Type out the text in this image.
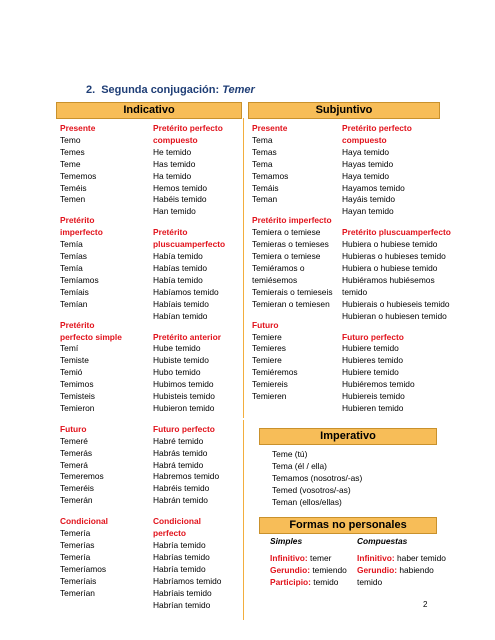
2. Segunda conjugación: Temer
Indicativo	Subjuntivo
Presente
Temo
Temes
Teme
Tememos
Teméis
Temen
Pretérito
imperfecto
Temía
Temías
Temía
Temíamos
Temíais
Temían
Pretérito
perfecto simple
Temí
Temiste
Temió
Temimos
Temisteis
Temieron
Futuro
Temeré
Temerás
Temerá
Temeremos
Temeréis
Temerán
Condicional
Temería
Temerías
Temería
Temeríamos
Temeríais
Temerían
Pretérito perfecto
compuesto
He temido
Has temido
Ha temido
Hemos temido
Habéis temido
Han temido
Pretérito
pluscuamperfecto
Había temido
Habías temido
Había temido
Habíamos temido
Habíais temido
Habían temido
Pretérito anterior
Hube temido
Hubiste temido
Hubo temido
Hubimos temido
Hubisteis temido
Hubieron temido
Futuro perfecto
Habré temido
Habrás temido
Habrá temido
Habremos temido
Habréis temido
Habrán temido
Condicional
perfecto
Habría temido
Habrías temido
Habría temido
Habríamos temido
Habríais temido
Habrían temido
Presente
Tema
Temas
Tema
Temamos
Temáis
Teman
Pretérito imperfecto
Temiera o temiese
Temieras o temieses
Temiera o temiese
Temiéramos o
temiésemos
Temierais o temieseis
Temieran o temiesen
Futuro
Temiere
Temieres
Temiere
Temiéremos
Temiereis
Temieren
Pretérito perfecto
compuesto
Haya temido
Hayas temido
Haya temido
Hayamos temido
Hayáis temido
Hayan temido
Pretérito pluscuamperfecto
Hubiera o hubiese temido
Hubieras o hubieses temido
Hubiera o hubiese temido
Hubiéramos hubiésemos
temido
Hubierais o hubieseis temido
Hubieran o hubiesen temido
Futuro perfecto
Hubiere temido
Hubieres temido
Hubiere temido
Hubiéremos temido
Hubiereis temido
Hubieren temido
Imperativo
Teme (tú)
Tema (él / ella)
Temamos (nosotros/-as)
Temed (vosotros/-as)
Teman (ellos/ellas)
Formas no personales
Simples
Infinitivo: temer
Gerundio: temiendo
Participio: temido
Compuestas
Infinitivo: haber temido
Gerundio: habiendo
temido
2
